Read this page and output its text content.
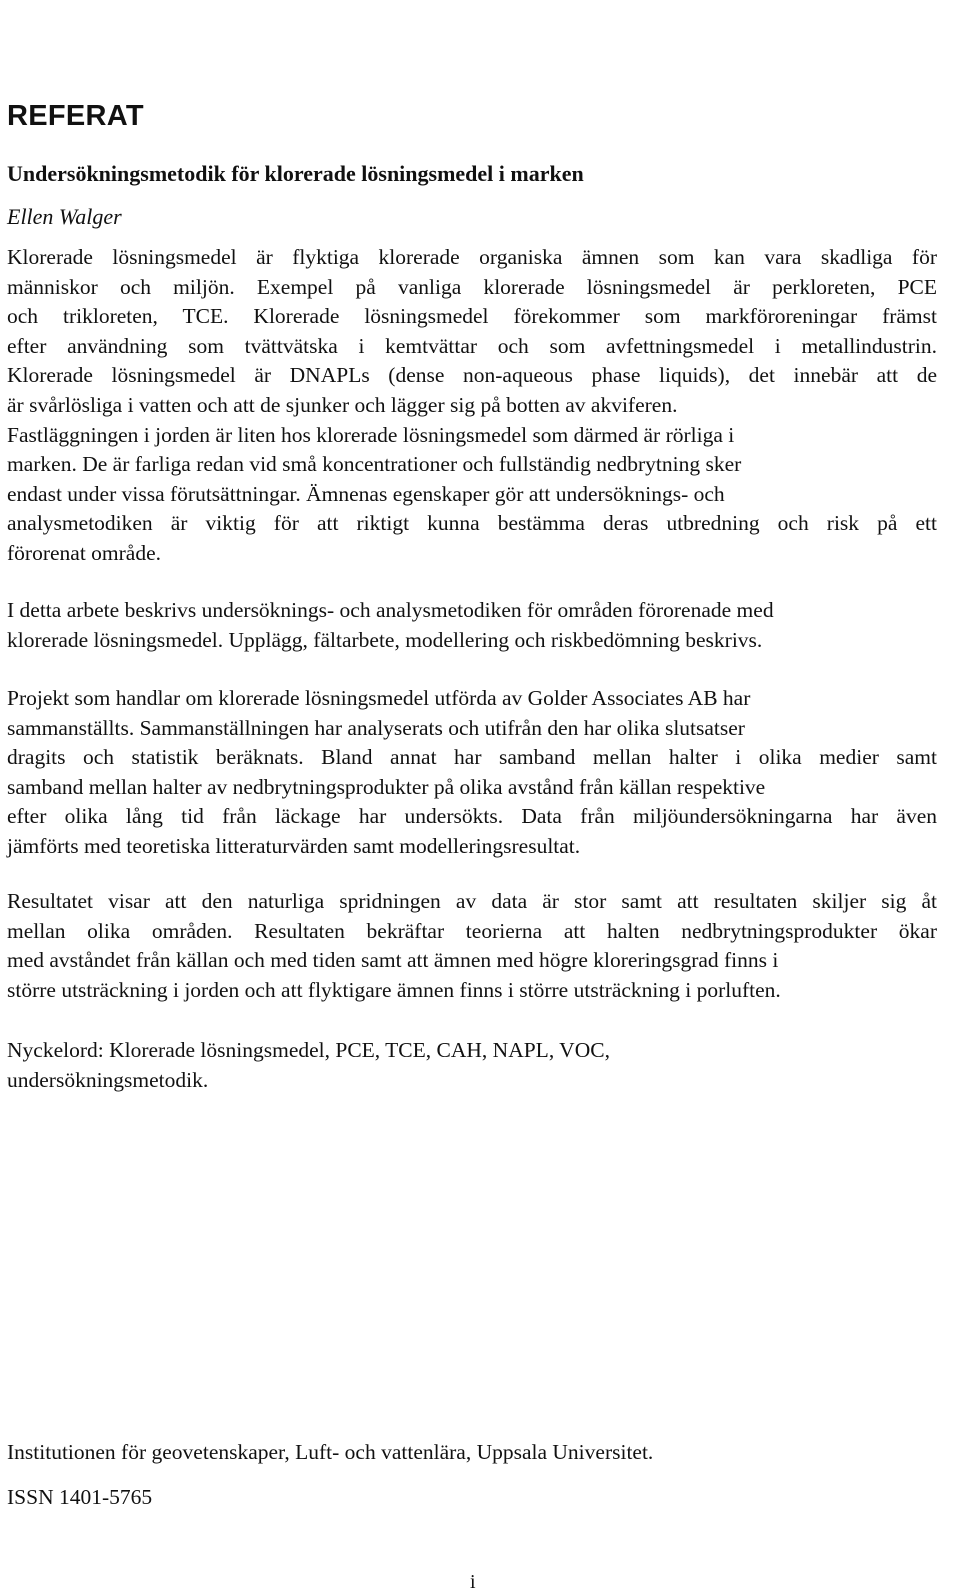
REFERAT

Undersökningsmetodik för klorerade lösningsmedel i marken

Ellen Walger

Klorerade lösningsmedel är flyktiga klorerade organiska ämnen som kan vara skadliga för
människor och miljön. Exempel på vanliga klorerade lösningsmedel är perkloreten, PCE
och trikloreten, TCE. Klorerade lösningsmedel förekommer som markföroreningar främst
efter användning som tvättvätska i kemtvättar och som avfettningsmedel i metallindustrin.
Klorerade lösningsmedel är DNAPLs (dense non-aqueous phase liquids), det innebär att de
är svårlösliga i vatten och att de sjunker och lägger sig på botten av akviferen.
Fastläggningen i jorden är liten hos klorerade lösningsmedel som därmed är rörliga i
marken. De är farliga redan vid små koncentrationer och fullständig nedbrytning sker
endast under vissa förutsättningar. Ämnenas egenskaper gör att undersöknings- och
analysmetodiken är viktig för att riktigt kunna bestämma deras utbredning och risk på ett
förorenat område.

I detta arbete beskrivs undersöknings- och analysmetodiken för områden förorenade med
klorerade lösningsmedel. Upplägg, fältarbete, modellering och riskbedömning beskrivs.

Projekt som handlar om klorerade lösningsmedel utförda av Golder Associates AB har
sammanställts. Sammanställningen har analyserats och utifrån den har olika slutsatser
dragits och statistik beräknats. Bland annat har samband mellan halter i olika medier samt
samband mellan halter av nedbrytningsprodukter på olika avstånd från källan respektive
efter olika lång tid från läckage har undersökts. Data från miljöundersökningarna har även
jämförts med teoretiska litteraturvärden samt modelleringsresultat.

Resultatet visar att den naturliga spridningen av data är stor samt att resultaten skiljer sig åt
mellan olika områden. Resultaten bekräftar teorierna att halten nedbrytningsprodukter ökar
med avståndet från källan och med tiden samt att ämnen med högre kloreringsgrad finns i
större utsträckning i jorden och att flyktigare ämnen finns i större utsträckning i porluften.

Nyckelord: Klorerade lösningsmedel, PCE, TCE, CAH, NAPL, VOC,
undersökningsmetodik.

Institutionen för geovetenskaper, Luft- och vattenlära, Uppsala Universitet.

ISSN 1401-5765

i
